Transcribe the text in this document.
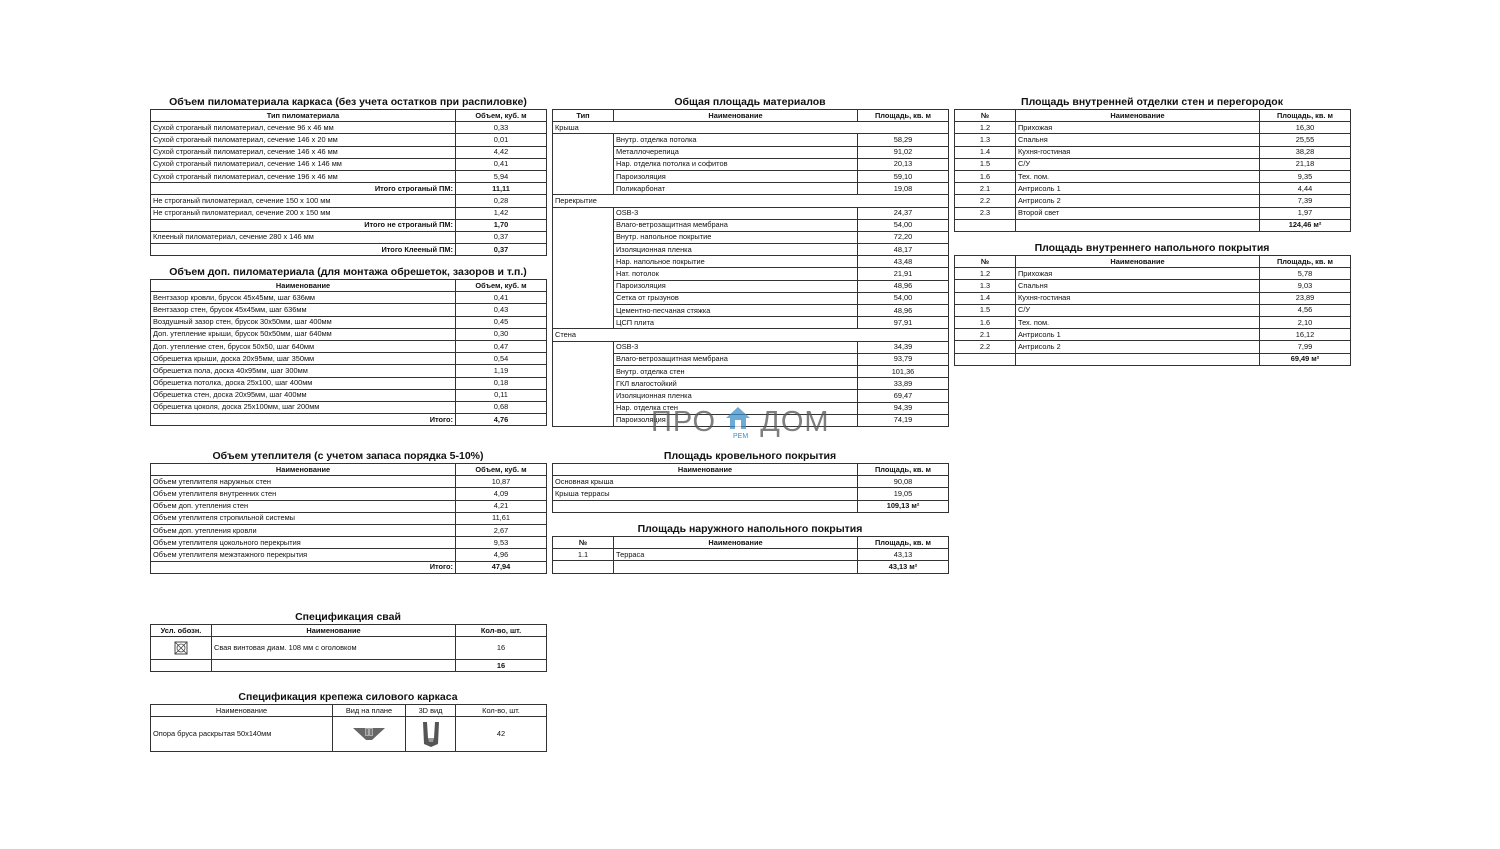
Объем пиломатериала каркаса (без учета остатков при распиловке)
Тип пиломатериала	Объем, куб. м
Сухой строганый пиломатериал, сечение 96 х 46 мм	0,33
Сухой строганый пиломатериал, сечение 146 х 20 мм	0,01
Сухой строганый пиломатериал, сечение 146 х 46 мм	4,42
Сухой строганый пиломатериал, сечение 146 х 146 мм	0,41
Сухой строганый пиломатериал, сечение 196 х 46 мм	5,94
Итого строганый ПМ:	11,11
Не строганый пиломатериал, сечение 150 х 100 мм	0,28
Не строганый пиломатериал, сечение 200 х 150 мм	1,42
Итого не строганый ПМ:	1,70
Клееный пиломатериал, сечение 280 х 146 мм	0,37
Итого Клееный ПМ:	0,37
Объем доп. пиломатериала (для монтажа обрешеток, зазоров и т.п.)
Наименование	Объем, куб. м
Вентзазор кровли, брусок 45х45мм, шаг 636мм	0,41
Вентзазор стен, брусок 45х45мм, шаг 636мм	0,43
Воздушный зазор стен, брусок 30х50мм, шаг 400мм	0,45
Доп. утепление крыши, брусок 50х50мм, шаг 640мм	0,30
Доп. утепление стен, брусок 50х50, шаг 640мм	0,47
Обрешетка крыши, доска 20х95мм, шаг 350мм	0,54
Обрешетка пола, доска 40х95мм, шаг 300мм	1,19
Обрешетка потолка, доска 25х100, шаг 400мм	0,18
Обрешетка стен, доска 20х95мм, шаг 400мм	0,11
Обрешетка цоколя, доска 25х100мм, шаг 200мм	0,68
Итого:	4,76
Объем утеплителя (с учетом запаса порядка 5-10%)
Наименование	Объем, куб. м
Объем утеплителя наружных стен	10,87
Объем утеплителя внутренних стен	4,09
Объем доп. утепления стен	4,21
Объем утеплителя стропильной системы	11,61
Объем доп. утепления кровли	2,67
Объем утеплителя цокольного перекрытия	9,53
Объем утеплителя межэтажного перекрытия	4,96
Итого:	47,94
Спецификация свай
Усл. обозн.	Наименование	Кол-во, шт.

	Свая винтовая диам. 108 мм с оголовком	16
		16
Спецификация крепежа силового каркаса
Наименование	Вид на плане	3D вид	Кол-во, шт.
Опора бруса раскрытая 50х140мм			42
Общая площадь материалов
Тип	Наименование	Площадь, кв. м
Крыша		
	Внутр. отделка потолка	58,29
	Металлочерепица	91,02
	Нар. отделка потолка и софитов	20,13
	Пароизоляция	59,10
	Поликарбонат	19,08
Перекрытие		
	OSB-3	24,37
	Влаго-ветрозащитная мембрана	54,00
	Внутр. напольное покрытие	72,20
	Изоляционная пленка	48,17
	Нар. напольное покрытие	43,48
	Нат. потолок	21,91
	Пароизоляция	48,96
	Сетка от грызунов	54,00
	Цементно-песчаная стяжка	48,96
	ЦСП плита	97,91
Стена		
	OSB-3	34,39
	Влаго-ветрозащитная мембрана	93,79
	Внутр. отделка стен	101,36
	ГКЛ влагостойкий	33,89
	Изоляционная пленка	69,47
	Нар. отделка стен	94,39
	Пароизоляция	74,19
Площадь кровельного покрытия
Наименование	Площадь, кв. м
Основная крыша	90,08
Крыша террасы	19,05
	109,13 м²
Площадь наружного напольного покрытия
№	Наименование	Площадь, кв. м
1.1	Терраса	43,13
		43,13 м²
Площадь внутренней отделки стен и перегородок
№	Наименование	Площадь, кв. м
1.2	Прихожая	16,30
1.3	Спальня	25,55
1.4	Кухня-гостиная	38,28
1.5	С/У	21,18
1.6	Тех. пом.	9,35
2.1	Антрисоль 1	4,44
2.2	Антрисоль 2	7,39
2.3	Второй свет	1,97
		124,46 м²
Площадь внутреннего напольного покрытия
№	Наименование	Площадь, кв. м
1.2	Прихожая	5,78
1.3	Спальня	9,03
1.4	Кухня-гостиная	23,89
1.5	С/У	4,56
1.6	Тех. пом.	2,10
2.1	Антрисоль 1	16,12
2.2	Антрисоль 2	7,99
		69,49 м²
ПРО ДОМ
РЕМ
